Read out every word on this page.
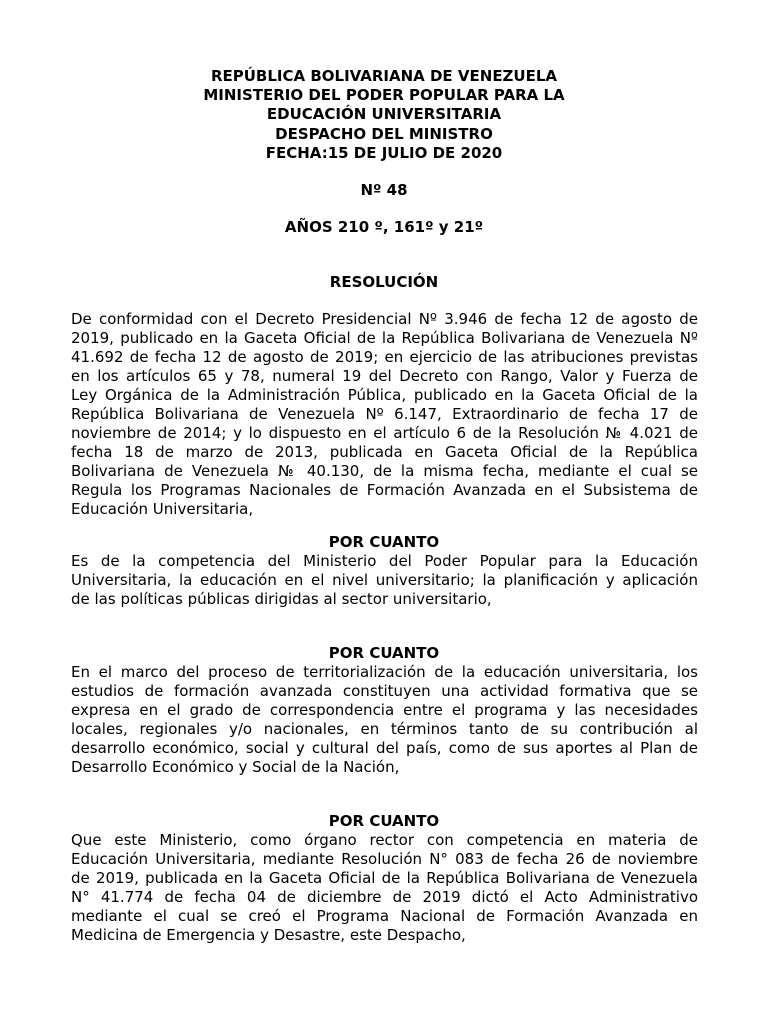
REPÚBLICA BOLIVARIANA DE VENEZUELA
MINISTERIO DEL PODER POPULAR PARA LA
EDUCACIÓN UNIVERSITARIA
DESPACHO DEL MINISTRO
FECHA:15 DE JULIO DE 2020
Nº 48
AÑOS 210 º, 161º y 21º
RESOLUCIÓN
De conformidad con el Decreto Presidencial Nº 3.946 de fecha 12 de agosto de
2019, publicado en la Gaceta Oficial de la República Bolivariana de Venezuela Nº
41.692 de fecha 12 de agosto de 2019; en ejercicio de las atribuciones previstas
en los artículos 65 y 78, numeral 19 del Decreto con Rango, Valor y Fuerza de
Ley Orgánica de la Administración Pública, publicado en la Gaceta Oficial de la
República Bolivariana de Venezuela Nº 6.147, Extraordinario de fecha 17 de
noviembre de 2014; y lo dispuesto en el artículo 6 de la Resolución № 4.021 de
fecha 18 de marzo de 2013, publicada en Gaceta Oficial de la República
Bolivariana de Venezuela № 40.130, de la misma fecha, mediante el cual se
Regula los Programas Nacionales de Formación Avanzada en el Subsistema de
Educación Universitaria,
POR CUANTO
Es de la competencia del Ministerio del Poder Popular para la Educación
Universitaria, la educación en el nivel universitario; la planificación y aplicación
de las políticas públicas dirigidas al sector universitario,
POR CUANTO
En el marco del proceso de territorialización de la educación universitaria, los
estudios de formación avanzada constituyen una actividad formativa que se
expresa en el grado de correspondencia entre el programa y las necesidades
locales, regionales y/o nacionales, en términos tanto de su contribución al
desarrollo económico, social y cultural del país, como de sus aportes al Plan de
Desarrollo Económico y Social de la Nación,
POR CUANTO
Que este Ministerio, como órgano rector con competencia en materia de
Educación Universitaria, mediante Resolución N° 083 de fecha 26 de noviembre
de 2019, publicada en la Gaceta Oficial de la República Bolivariana de Venezuela
N° 41.774 de fecha 04 de diciembre de 2019 dictó el Acto Administrativo
mediante el cual se creó el Programa Nacional de Formación Avanzada en
Medicina de Emergencia y Desastre, este Despacho,
